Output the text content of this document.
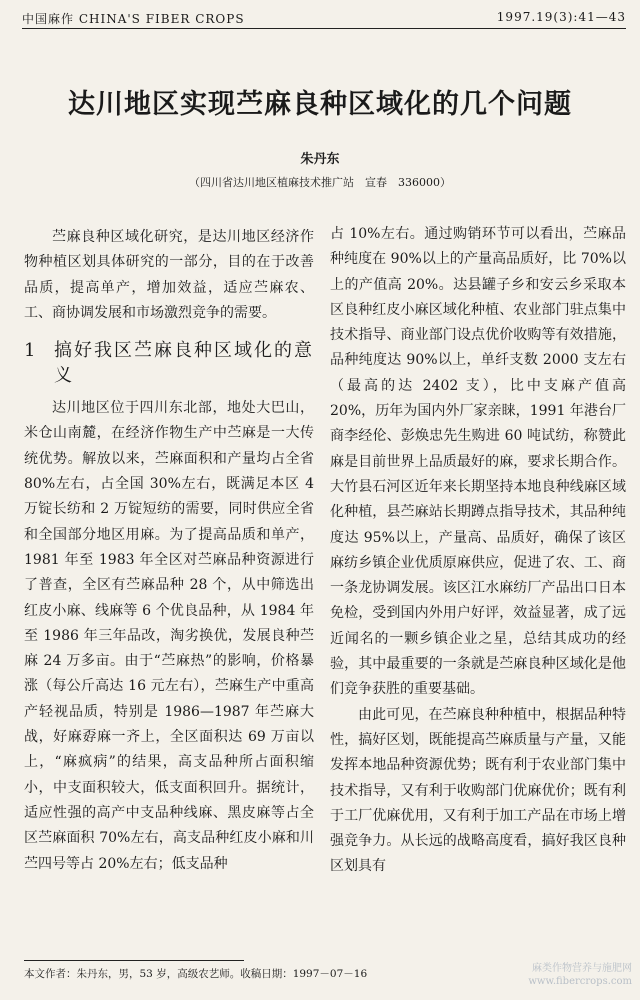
中国麻作 CHINA'S FIBER CROPS	1997.19(3):41—43
达川地区实现苎麻良种区域化的几个问题
朱丹东
（四川省达川地区植麻技术推广站　宣春　336000）

苎麻良种区域化研究，是达川地区经济作物种植区划具体研究的一部分，目的在于改善品质，提高单产，增加效益，适应苎麻农、工、商协调发展和市场激烈竞争的需要。

1 搞好我区苎麻良种区域化的意义

达川地区位于四川东北部，地处大巴山，米仓山南麓，在经济作物生产中苎麻是一大传统优势。解放以来，苎麻面积和产量均占全省 80%左右，占全国 30%左右，既满足本区 4 万锭长纺和 2 万锭短纺的需要，同时供应全省和全国部分地区用麻。为了提高品质和单产，1981 年至 1983 年全区对苎麻品种资源进行了普查，全区有苎麻品种 28 个，从中筛选出红皮小麻、线麻等 6 个优良品种，从 1984 年至 1986 年三年品改，淘劣换优，发展良种苎麻 24 万多亩。由于“苎麻热”的影响，价格暴涨（每公斤高达 16 元左右），苎麻生产中重高产轻视品质，特别是 1986—1987 年苎麻大战，好麻孬麻一齐上，全区面积达 69 万亩以上，“麻疯病”的结果，高支品种所占面积缩小，中支面积较大，低支面积回升。据统计，适应性强的高产中支品种线麻、黑皮麻等占全区苎麻面积 70%左右，高支品种红皮小麻和川苎四号等占 20%左右；低支品种

占 10%左右。通过购销环节可以看出，苎麻品种纯度在 90%以上的产量高品质好，比 70%以上的产值高 20%。达县罐子乡和安云乡采取本区良种红皮小麻区域化种植、农业部门驻点集中技术指导、商业部门设点优价收购等有效措施，品种纯度达 90%以上，单纤支数 2000 支左右（最高的达 2402 支），比中支麻产值高 20%，历年为国内外厂家亲睐，1991 年港台厂商李经伦、彭焕忠先生购进 60 吨试纺，称赞此麻是目前世界上品质最好的麻，要求长期合作。大竹县石河区近年来长期坚持本地良种线麻区域化种植，县苎麻站长期蹲点指导技术，其品种纯度达 95%以上，产量高、品质好，确保了该区麻纺乡镇企业优质原麻供应，促进了农、工、商一条龙协调发展。该区江水麻纺厂产品出口日本免检，受到国内外用户好评，效益显著，成了远近闻名的一颗乡镇企业之星，总结其成功的经验，其中最重要的一条就是苎麻良种区域化是他们竞争获胜的重要基础。

由此可见，在苎麻良种种植中，根据品种特性，搞好区划，既能提高苎麻质量与产量，又能发挥本地品种资源优势；既有利于农业部门集中技术指导，又有利于收购部门优麻优价；既有利于工厂优麻优用，又有利于加工产品在市场上增强竞争力。从长远的战略高度看，搞好我区良种区划具有

本文作者：朱丹东，男，53 岁，高级农艺师。收稿日期：1997－07－16	麻类作物营养与施肥网
www.fibercrops.com
